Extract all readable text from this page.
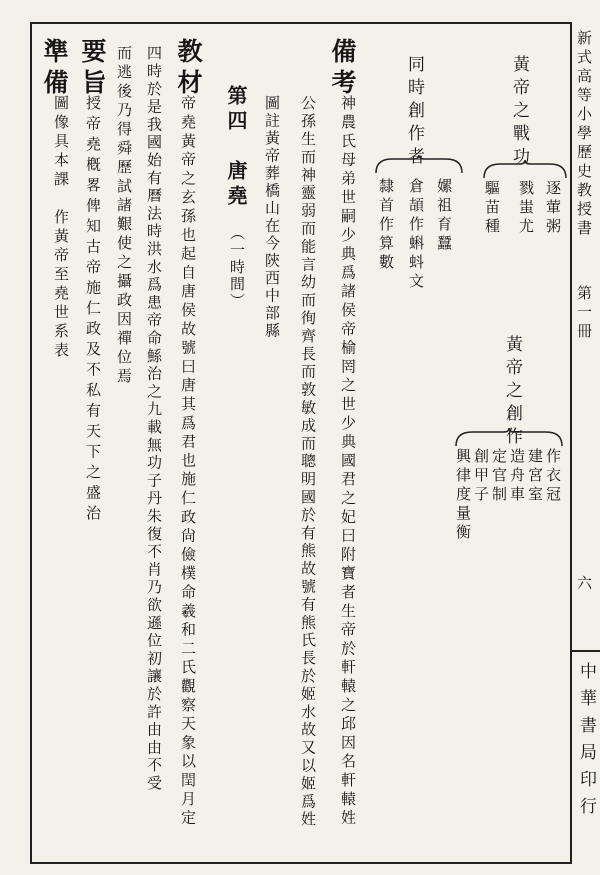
新式高等小學歷史教授書
第一冊
六
中華書局印行
黃帝之戰功
逐葷粥
戮蚩尤
驅苗種
同時創作者
嫘祖育蠶
倉頡作蝌蚪文
隸首作算數
黃帝之創作
作衣冠
建宮室
造舟車
定官制
創甲子
興律度量衡
備考
神農氏母弟世嗣少典爲諸侯帝榆罔之世少典國君之妃曰附寶者生帝於軒轅之邱因名軒轅姓
公孫生而神靈弱而能言幼而徇齊長而敦敏成而聰明國於有熊故號有熊氏長於姬水故又以姬爲姓
圖註黃帝葬橋山在今陝西中部縣
第四
唐堯
（一時間）
教材
帝堯黃帝之玄孫也起自唐侯故號曰唐其爲君也施仁政尙儉樸命羲和二氏觀察天象以閏月定
四時於是我國始有曆法時洪水爲患帝命鯀治之九載無功子丹朱復不肖乃欲遜位初讓於許由由不受
而逃後乃得舜歷試諸艱使之攝政因禪位焉
要旨
授帝堯槪畧俾知古帝施仁政及不私有天下之盛治
準備
圖像具本課　作黃帝至堯世系表
